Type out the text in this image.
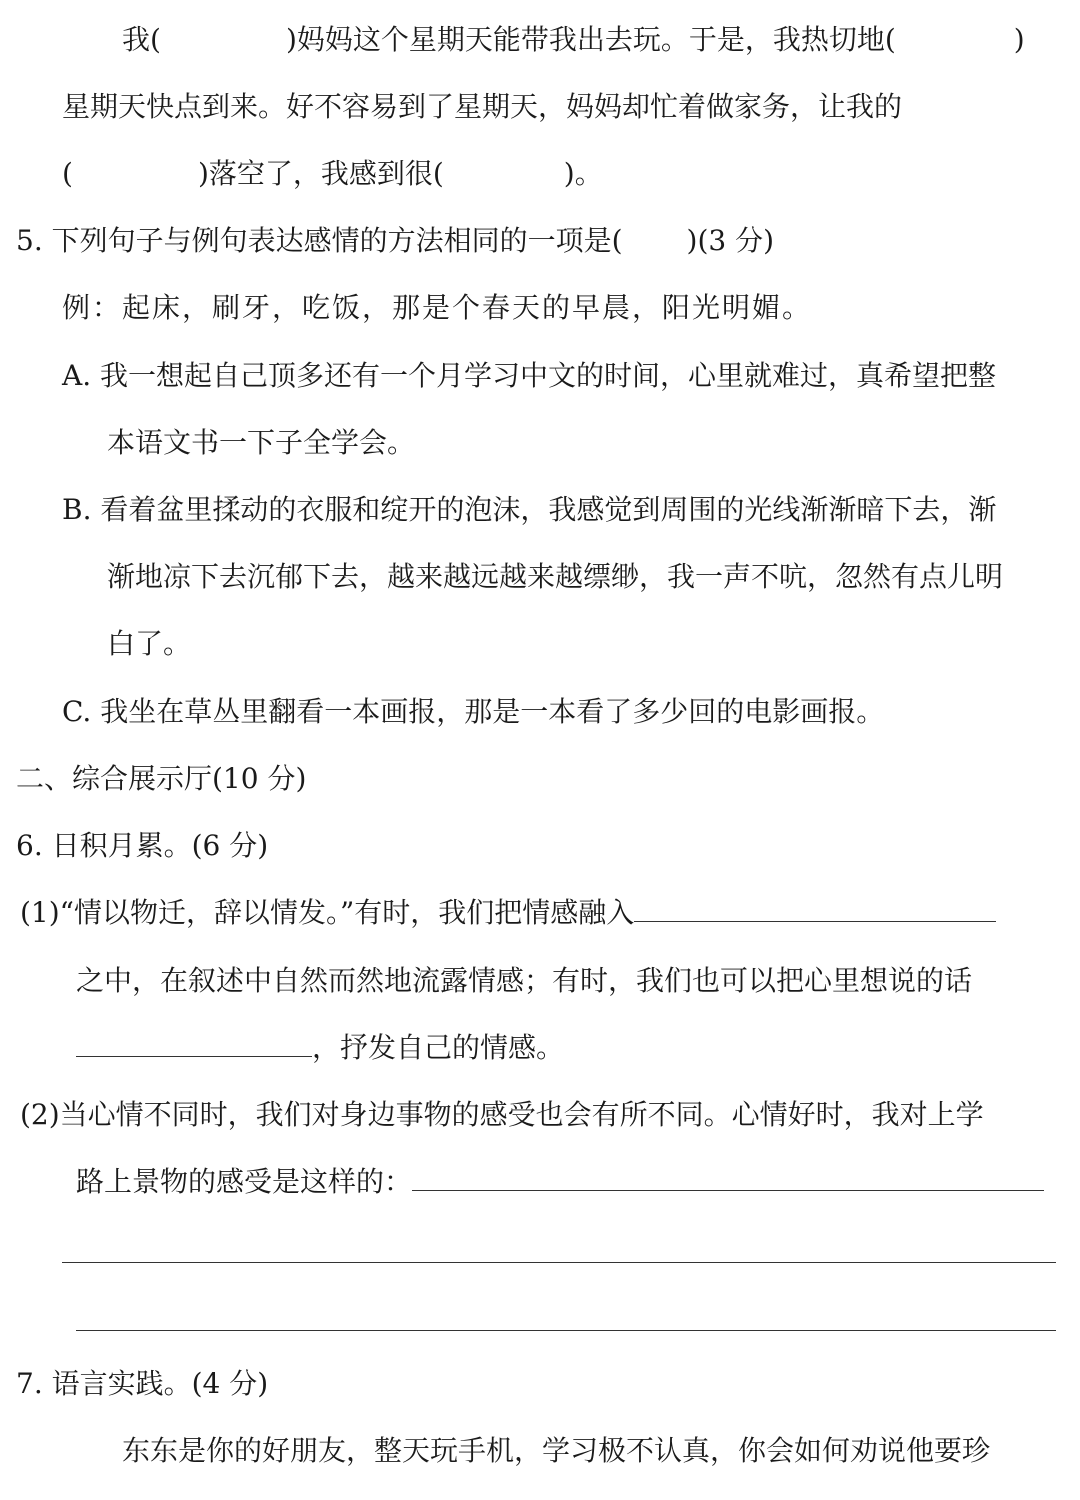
我(	)妈妈这个星期天能带我出去玩。于是，我热切地(	)
星期天快点到来。好不容易到了星期天，妈妈却忙着做家务，让我的
(	)落空了，我感到很(	)。
5. 下列句子与例句表达感情的方法相同的一项是( )(3 分)
例：起床，刷牙，吃饭，那是个春天的早晨，阳光明媚。
A. 我一想起自己顶多还有一个月学习中文的时间，心里就难过，真希望把整
本语文书一下子全学会。
B. 看着盆里揉动的衣服和绽开的泡沫，我感觉到周围的光线渐渐暗下去，渐
渐地凉下去沉郁下去，越来越远越来越缥缈，我一声不吭，忽然有点儿明
白了。
C. 我坐在草丛里翻看一本画报，那是一本看了多少回的电影画报。
二、综合展示厅(10 分)
6. 日积月累。(6 分)
(1)“情以物迁，辞以情发。”有时，我们把情感融入
之中，在叙述中自然而然地流露情感；有时，我们也可以把心里想说的话
，抒发自己的情感。
(2)当心情不同时，我们对身边事物的感受也会有所不同。心情好时，我对上学
路上景物的感受是这样的：
7. 语言实践。(4 分)
东东是你的好朋友，整天玩手机，学习极不认真，你会如何劝说他要珍
